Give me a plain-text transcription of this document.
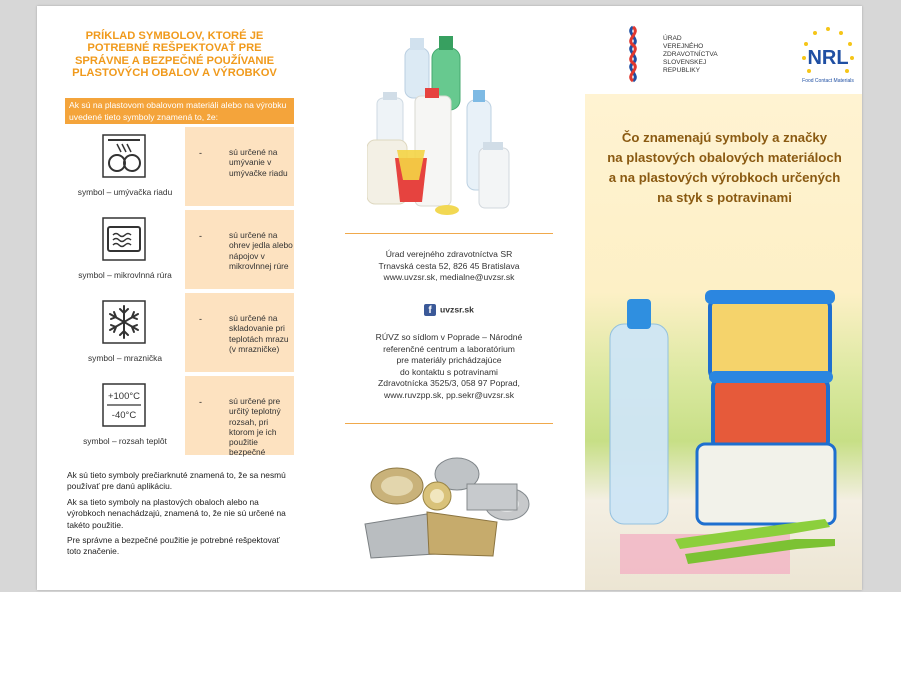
PRÍKLAD SYMBOLOV, KTORÉ JE POTREBNÉ REŠPEKTOVAŤ PRE SPRÁVNE A BEZPEČNÉ POUŽÍVANIE PLASTOVÝCH OBALOV A VÝROBKOV
Ak sú na plastovom obalovom materiáli alebo na výrobku uvedené tieto symboly znamená to, že:
symbol – umývačka riadu
-	sú určené na umývanie v umývačke riadu
symbol – mikrovlnná rúra
-	sú určené na ohrev jedla alebo nápojov v mikrovlnnej rúre
symbol – mraznička
-	sú určené na skladovanie pri teplotách mrazu (v mrazničke)
+100°C
-40°C
symbol – rozsah teplôt
-	sú určené pre určitý teplotný rozsah, pri ktorom je ich použitie bezpečné

Ak sú tieto symboly prečiarknuté znamená to, že sa nesmú používať pre danú aplikáciu.

Ak sa tieto symboly na plastových obaloch alebo na výrobkoch nenachádzajú, znamená to, že nie sú určené na takéto použitie.

Pre správne a bezpečné použitie je potrebné rešpektovať toto značenie.

Úrad verejného zdravotníctva SR
Trnavská cesta 52, 826 45 Bratislava
www.uvzsr.sk, medialne@uvzsr.sk
f uvzsr.sk
RÚVZ so sídlom v Poprade – Národné
referenčné centrum a laboratórium
pre materiály prichádzajúce
do kontaktu s potravinami
Zdravotnícka 3525/3, 058 97 Poprad,
www.ruvzpp.sk, pp.sekr@uvzsr.sk
ÚRAD
VEREJNÉHO
ZDRAVOTNÍCTVA
SLOVENSKEJ
REPUBLIKY
NRL
Food Contact Materials
Čo znamenajú symboly a značky
na plastových obalových materiáloch
a na plastových výrobkoch určených
na styk s potravinami
